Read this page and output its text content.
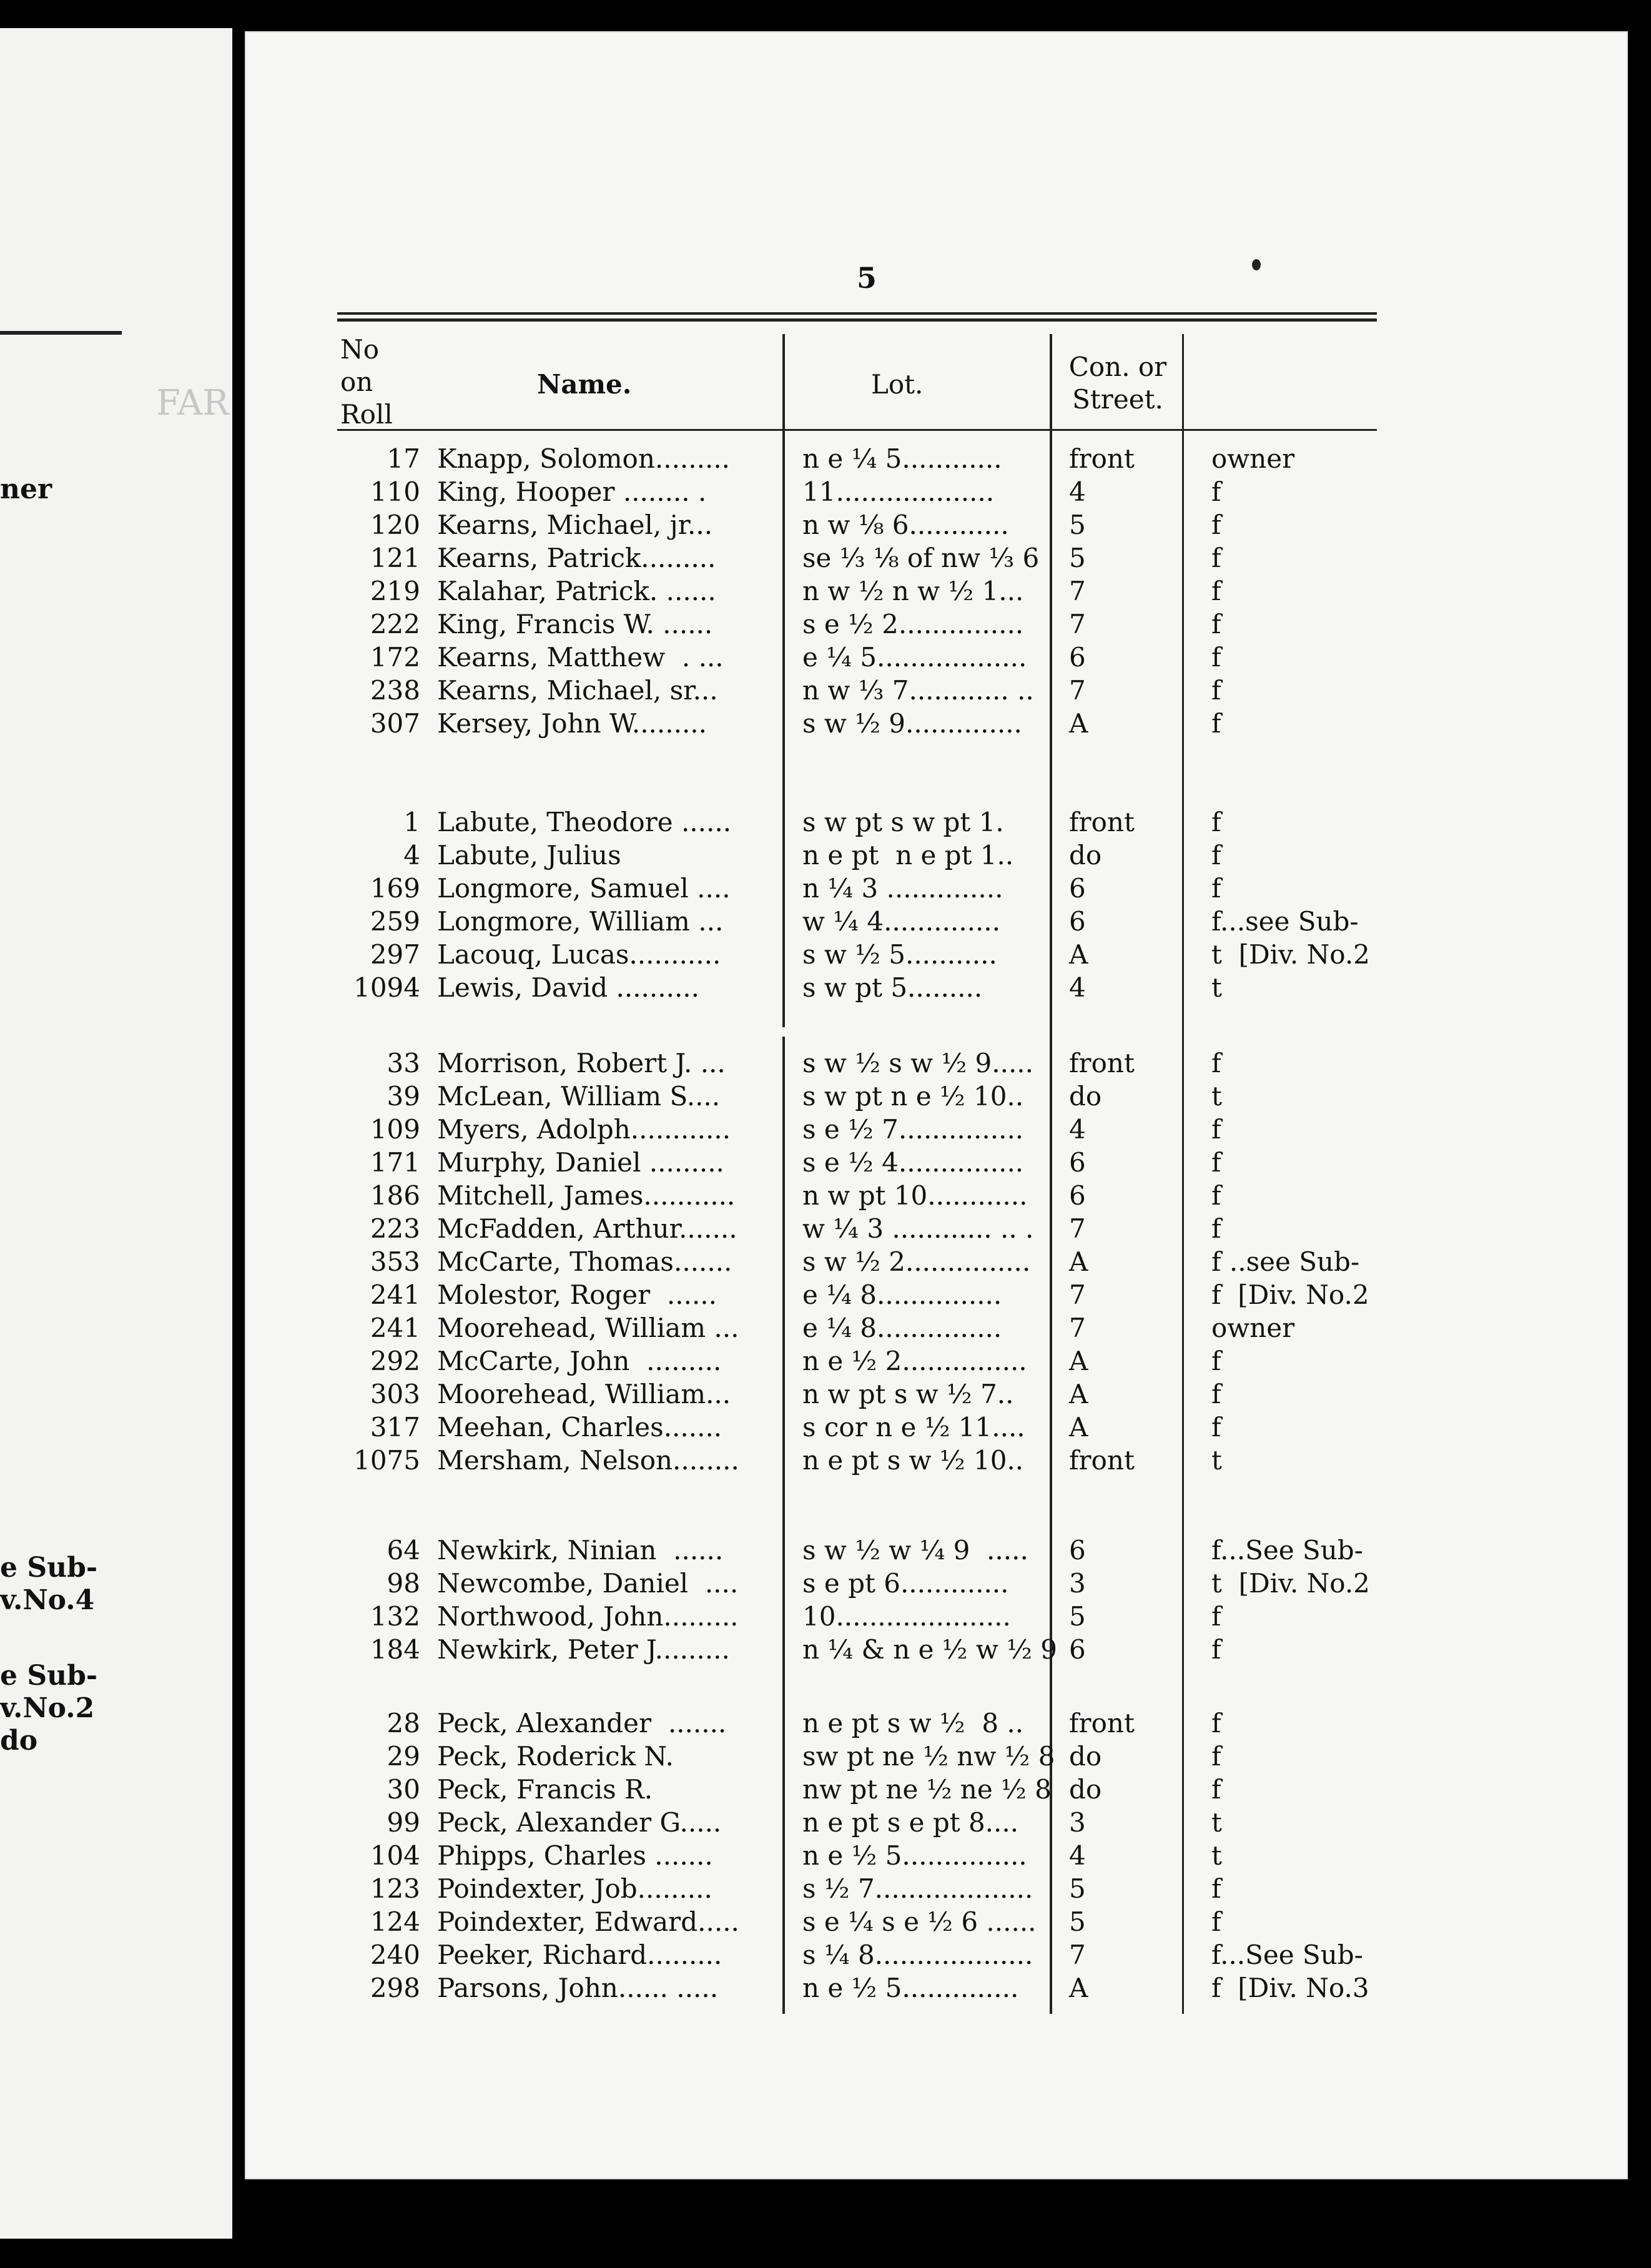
FAR
ner
e Sub-
v.No.4
e Sub-
v.No.2
do
5
No
on
Roll
Name.	Lot.
Con. or
Street.
17 Knapp, Solomon.........	n e ¼ 5............	front	owner
110 King, Hooper ........ .	11...................	4	f
120 Kearns, Michael, jr...	n w ⅛ 6............ 5	f
121 Kearns, Patrick.........	se ⅓ ⅛ of nw ⅓ 6 5	f
219 Kalahar, Patrick. ......	n w ½ n w ½ 1... 7	f
222 King, Francis W. ......	s e ½ 2............... 7	f
172 Kearns, Matthew  . ...	e ¼ 5.................. 6	f
238 Kearns, Michael, sr...	n w ⅓ 7............ .. 7	f
307 Kersey, John W.........	s w ½ 9.............. A	f
1 Labute, Theodore ......	s w pt s w pt 1. front	f
4 Labute, Julius	n e pt  n e pt 1.. do	f
169 Longmore, Samuel ....	n ¼ 3 ..............	6	f
259 Longmore, William ...	w ¼ 4..............	6	f...see Sub-
297 Lacouq, Lucas...........	s w ½ 5...........	A	t  [Div. No.2
1094 Lewis, David ..........	s w pt 5.........	4	t
33 Morrison, Robert J. ...	s w ½ s w ½ 9..... front	f
39 McLean, William S....	s w pt n e ½ 10.. do	t
109 Myers, Adolph............	s e ½ 7............... 4	f
171 Murphy, Daniel .........	s e ½ 4............... 6	f
186 Mitchell, James...........	n w pt 10............ 6	f
223 McFadden, Arthur....... w ¼ 3 ............ .. . 7	f
353 McCarte, Thomas.......	s w ½ 2............... A	f ..see Sub-
241 Molestor, Roger  ......	e ¼ 8...............	7	f  [Div. No.2
241 Moorehead, William ... e ¼ 8...............	7	owner
292 McCarte, John  .........	n e ½ 2............... A	f
303 Moorehead, William...	n w pt s w ½ 7.. A	f
317 Meehan, Charles.......	s cor n e ½ 11.... A	f
1075 Mersham, Nelson........ n e pt s w ½ 10.. front	t
64 Newkirk, Ninian  ......	s w ½ w ¼ 9  ..... 6	f...See Sub-
98 Newcombe, Daniel  .... s e pt 6............. 3	t  [Div. No.2
132 Northwood, John......... 10..................... 5	f
184 Newkirk, Peter J.........	n ¼ & n e ½ w ½ 9 6	f
28 Peck, Alexander  .......	n e pt s w ½  8 .. front	f
29 Peck, Roderick N.	sw pt ne ½ nw ½ 8 do	f
30 Peck, Francis R.	nw pt ne ½ ne ½ 8 do	f
99 Peck, Alexander G.....	n e pt s e pt 8.... 3	t
104 Phipps, Charles .......	n e ½ 5............... 4	t
123 Poindexter, Job.........	s ½ 7................... 5	f
124 Poindexter, Edward..... s e ¼ s e ½ 6 ...... 5	f
240 Peeker, Richard.........	s ¼ 8................... 7	f...See Sub-
298 Parsons, John...... .....	n e ½ 5.............. A	f  [Div. No.3
